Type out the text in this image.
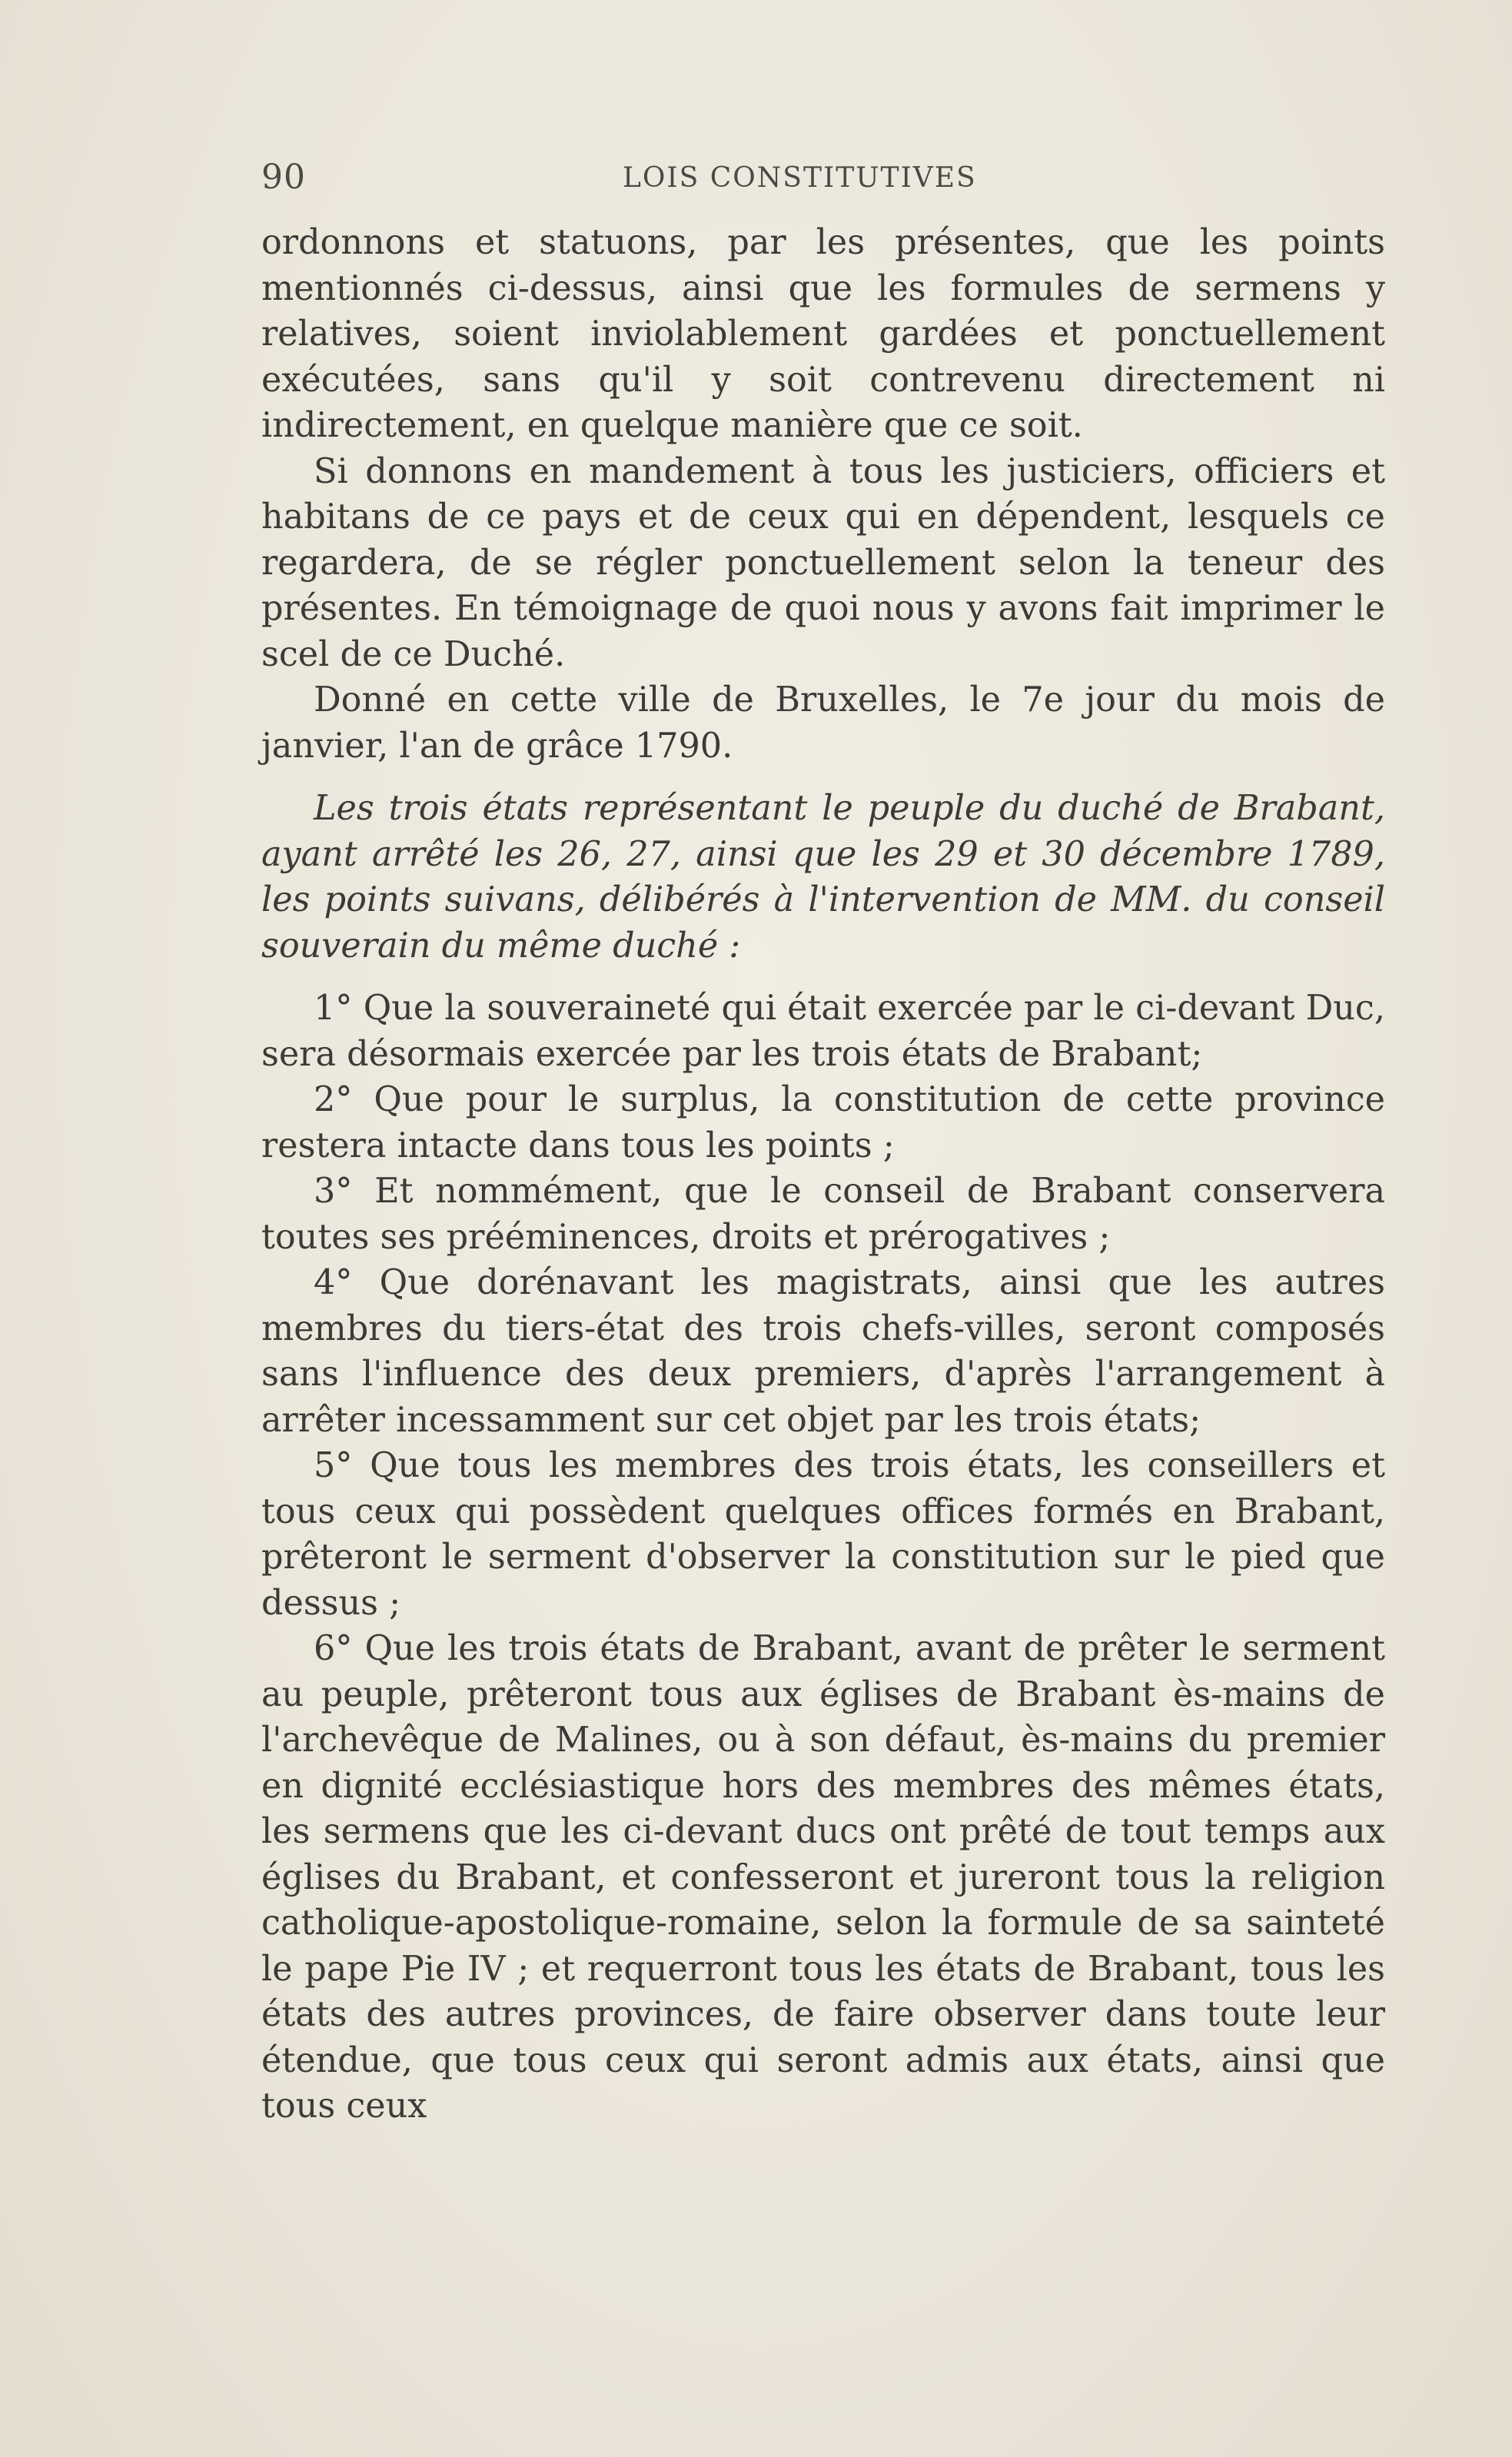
90	LOIS CONSTITUTIVES

ordonnons et statuons, par les présentes, que les points mentionnés ci-dessus, ainsi que les formules de sermens y relatives, soient inviolablement gardées et ponctuellement exécutées, sans qu'il y soit contrevenu directement ni indirectement, en quelque manière que ce soit.

Si donnons en mandement à tous les justiciers, officiers et habitans de ce pays et de ceux qui en dépendent, lesquels ce regardera, de se régler ponctuellement selon la teneur des présentes. En témoignage de quoi nous y avons fait imprimer le scel de ce Duché.

Donné en cette ville de Bruxelles, le 7e jour du mois de janvier, l'an de grâce 1790.

Les trois états représentant le peuple du duché de Brabant, ayant arrêté les 26, 27, ainsi que les 29 et 30 décembre 1789, les points suivans, délibérés à l'intervention de MM. du conseil souverain du même duché :

1° Que la souveraineté qui était exercée par le ci-devant Duc, sera désormais exercée par les trois états de Brabant;

2° Que pour le surplus, la constitution de cette province restera intacte dans tous les points ;

3° Et nommément, que le conseil de Brabant conservera toutes ses prééminences, droits et prérogatives ;

4° Que dorénavant les magistrats, ainsi que les autres membres du tiers-état des trois chefs-villes, seront composés sans l'influence des deux premiers, d'après l'arrangement à arrêter incessamment sur cet objet par les trois états;

5° Que tous les membres des trois états, les conseillers et tous ceux qui possèdent quelques offices formés en Brabant, prêteront le serment d'observer la constitution sur le pied que dessus ;

6° Que les trois états de Brabant, avant de prêter le serment au peuple, prêteront tous aux églises de Brabant ès-mains de l'archevêque de Malines, ou à son défaut, ès-mains du premier en dignité ecclésiastique hors des membres des mêmes états, les sermens que les ci-devant ducs ont prêté de tout temps aux églises du Brabant, et confesseront et jureront tous la religion catholique-apostolique-romaine, selon la formule de sa sainteté le pape Pie IV ; et requerront tous les états de Brabant, tous les états des autres provinces, de faire observer dans toute leur étendue, que tous ceux qui seront admis aux états, ainsi que tous ceux
